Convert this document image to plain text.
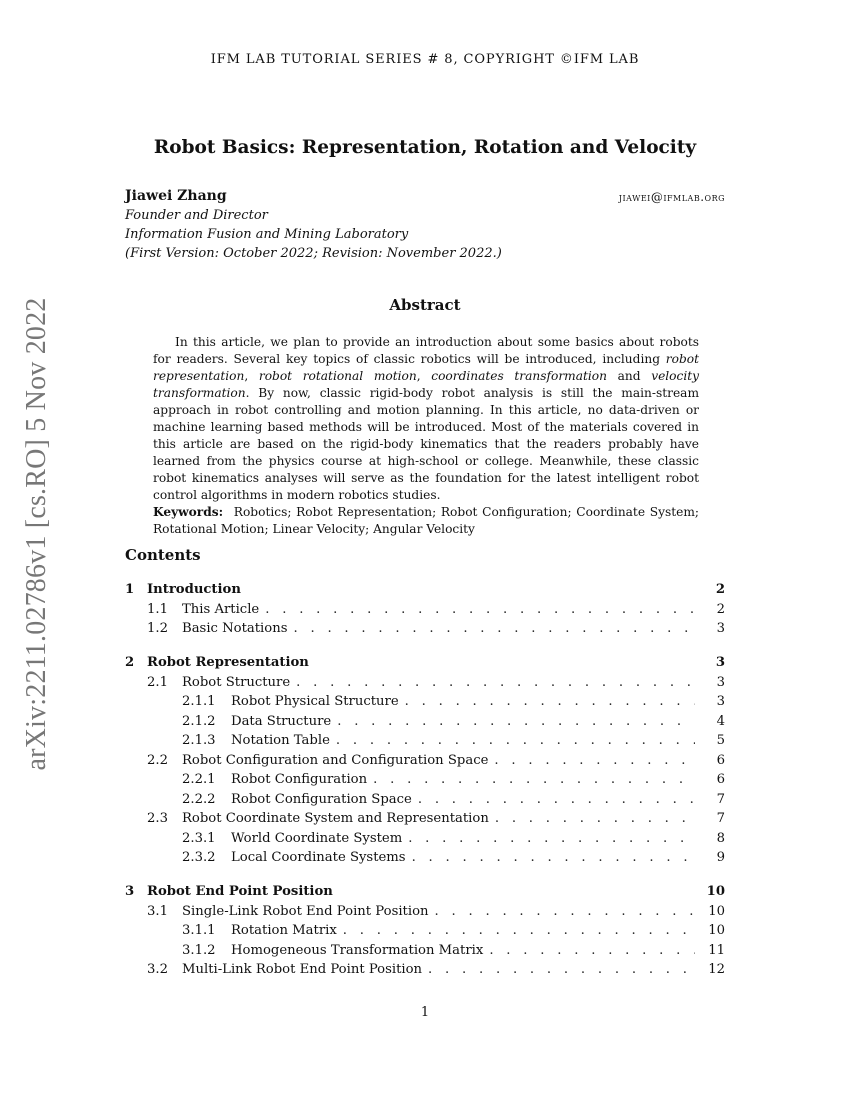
IFM LAB TUTORIAL SERIES # 8, COPYRIGHT ©IFM LAB
arXiv:2211.02786v1 [cs.RO] 5 Nov 2022
Robot Basics: Representation, Rotation and Velocity
Jiawei Zhang	jiawei@ifmlab.org
Founder and Director
Information Fusion and Mining Laboratory
(First Version: October 2022; Revision: November 2022.)
Abstract

In this article, we plan to provide an introduction about some basics about robots for readers. Several key topics of classic robotics will be introduced, including robot representation, robot rotational motion, coordinates transformation and velocity transformation. By now, classic rigid-body robot analysis is still the main-stream approach in robot controlling and motion planning. In this article, no data-driven or machine learning based methods will be introduced. Most of the materials covered in this article are based on the rigid-body kinematics that the readers probably have learned from the physics course at high-school or college. Meanwhile, these classic robot kinematics analyses will serve as the foundation for the latest intelligent robot control algorithms in modern robotics studies.

Keywords: Robotics; Robot Representation; Robot Configuration; Coordinate System; Rotational Motion; Linear Velocity; Angular Velocity
Contents
1 Introduction	2
1.1	This Article . . .	2
1.2	Basic Notations . . .	3
2 Robot Representation	3
2.1	Robot Structure . . .	3
2.1.1	Robot Physical Structure . . .	3
2.1.2	Data Structure . . .	4
2.1.3	Notation Table . . .	5
2.2	Robot Configuration and Configuration Space . . .	6
2.2.1	Robot Configuration . . .	6
2.2.2	Robot Configuration Space . . .	7
2.3	Robot Coordinate System and Representation . . .	7
2.3.1	World Coordinate System . . .	8
2.3.2	Local Coordinate Systems . . .	9
3 Robot End Point Position	10
3.1	Single-Link Robot End Point Position . . .	10
3.1.1	Rotation Matrix . . .	10
3.1.2	Homogeneous Transformation Matrix . . .	11
3.2	Multi-Link Robot End Point Position . . .	12
1
